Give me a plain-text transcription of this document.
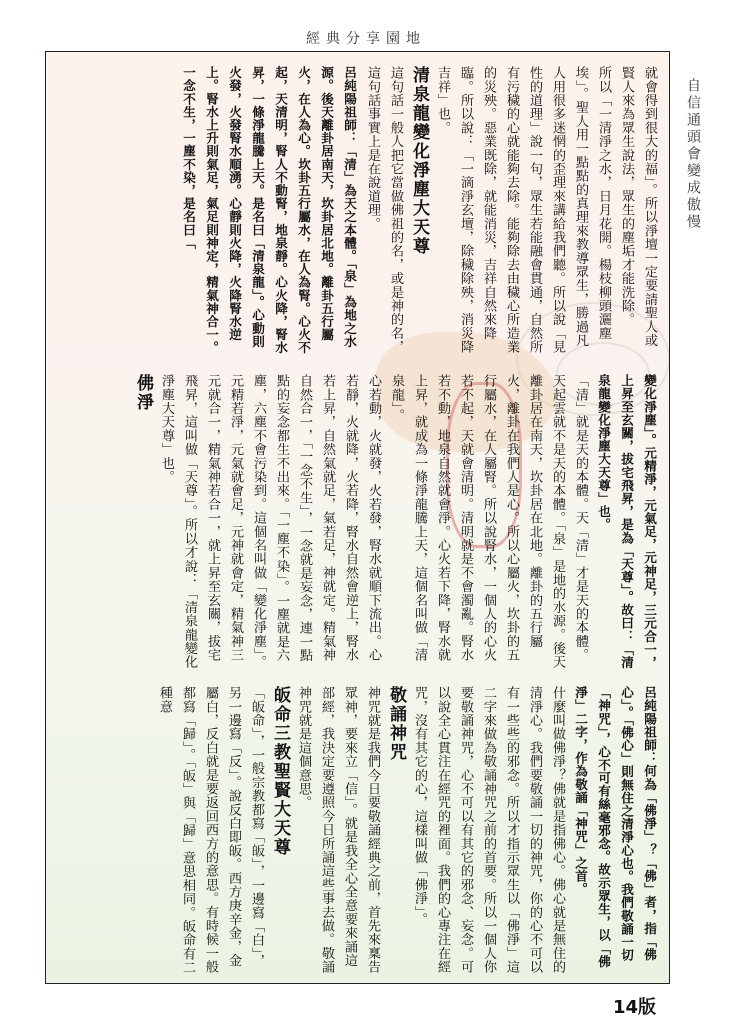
經典分享園地
自信通頭會變成傲慢
就會得到很大的福」。所以淨壇一定要請聖人或賢人來為眾生說法，眾生的塵垢才能洗除。
所以「一清淨之水，日月花開。楊枝柳頭灑塵埃」。聖人用一點點的真理來教導眾生，勝過凡人用很多迷惘的歪理來講給我們聽。所以說「見性的道理」說一句，眾生若能融會貫通，自然所有污穢的心就能夠去除。能夠除去由穢心所造業的災殃。惡業既除，就能消災，吉祥自然來降臨。所以說：「一滴淨玄壇，除穢除殃，消災降吉祥」也。
清泉龍變化淨塵大天尊
這句話一般人把它當做佛祖的名，或是神的名，這句話事實上是在說道理。
呂純陽祖師：「清」為天之本體。「泉」為地之水源。後天離卦居南天，坎卦居北地。離卦五行屬火，在人為心。坎卦五行屬水，在人為腎。心火不起，天清明，腎人不動腎，地泉靜。心火降，腎水昇，一條淨龍騰上天。是名曰「清泉龍」。心動則火發，火發腎水順湧。心靜則火降，火降腎水逆上。腎水上升則氣足，氣足則神定，精氣神合一。一念不生，一塵不染，是名曰「
變化淨塵」。元精淨，元氣足，元神足，三元合一，上昇至玄關，拔宅飛昇，是為「天尊」。故曰：「清泉龍變化淨塵大天尊」也。
「清」就是天的本體。天「清」才是天的本體。天起雲就不是天的本體。「泉」是地的水源。後天離卦居在南天，坎卦居在北地。離卦的五行屬火，離卦在我們人是心。所以心屬火，坎卦的五行屬水，在人屬腎。所以說腎水，一個人的心火若不起，天就會清明。清明就是不會濁亂。腎水若不動，地泉自然就會淨。心火若下降，腎水就上昇，就成為一條淨龍騰上天，這個名叫做「清泉龍」。
心若動，火就發，火若發，腎水就順下流出。心若靜，火就降，火若降，腎水自然會逆上，腎水若上昇，自然氣就足，氣若足，神就定。精氣神自然合一，「一念不生」，一念就是妄念，連一點點的妄念都生不出來。「一塵不染」。一塵就是六塵，六塵不會污染到。這個名叫做「變化淨塵」。
元精若淨，元氣就會足，元神就會定，精氣神三元就合一，精氣神若合一，就上昇至玄關，拔宅飛昇，這叫做「天尊」。所以才說：「清泉龍變化淨塵大天尊」也。
佛淨
呂純陽祖師：何為「佛淨」？「佛」者，指「佛心」。「佛心」則無住之清淨心也。我們敬誦一切「神咒」，心不可有絲毫邪念。故示眾生，以「佛淨」二字，作為敬誦「神咒」之首。
什麼叫做佛淨？佛就是指佛心。佛心就是無住的清淨心。我們要敬誦一切的神咒，你的心不可以有一些些的邪念。所以才指示眾生以「佛淨」這二字來做為敬誦神咒之前的首要。所以一個人你要敬誦神咒，心不可以有其它的邪念、妄念。可以說全心貫注在經咒的裡面。我們的心專注在經咒，沒有其它的心，這樣叫做「佛淨」。
敬誦神咒
神咒就是我們今日要敬誦經典之前，首先來稟告眾神，要來立「信」。就是我全心全意要來誦這部經，我決定要遵照今日所誦這些事去做。敬誦神咒就是這個意思。
皈命三教聖賢大天尊
「皈命」，一般宗教都寫「皈」，一邊寫「白」，另一邊寫「反」。說反白即皈。西方庚辛金，金屬白，反白就是要返回西方的意思。有時候一般都寫「歸」。「皈」與「歸」意思相同。皈命有二種意
14版
